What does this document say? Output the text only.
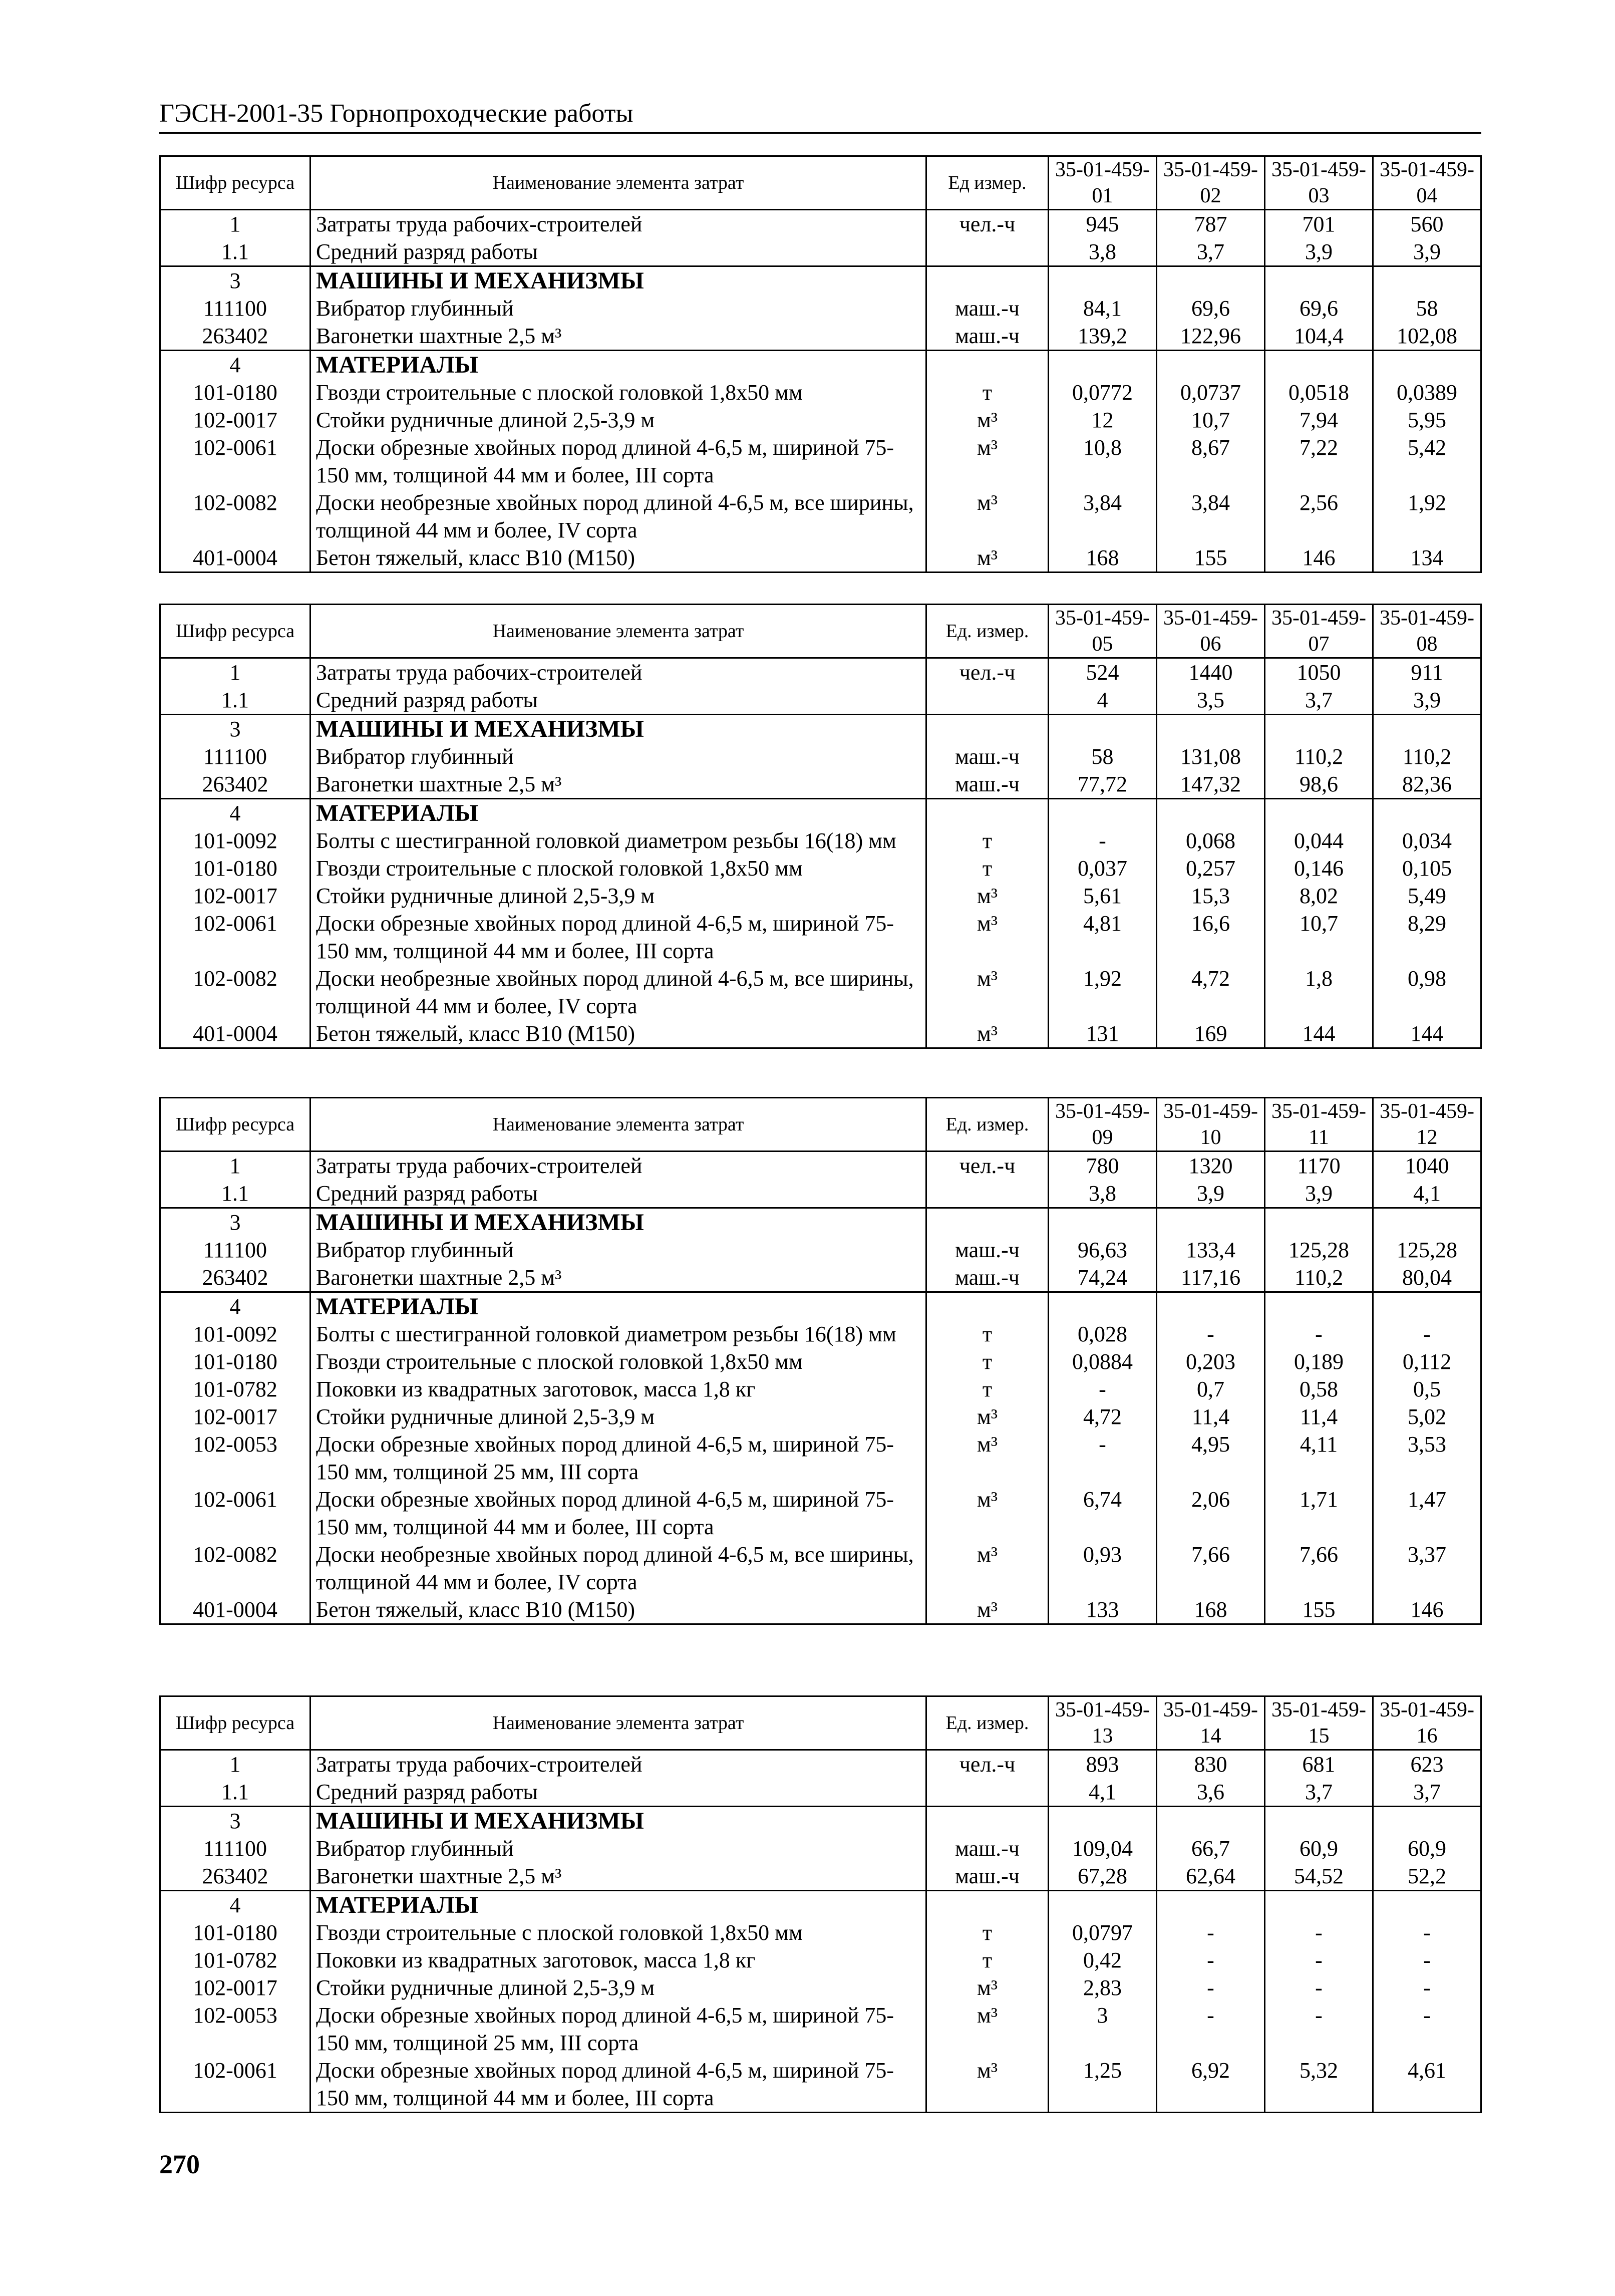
ГЭСН-2001-35 Горнопроходческие работы
Шифр ресурса	Наименование элемента затрат	Ед измер.	35-01-459-01	35-01-459-02	35-01-459-03	35-01-459-04
1	Затраты труда рабочих-строителей	чел.-ч	945	787	701	560
1.1	Средний разряд работы		3,8	3,7	3,9	3,9
3	МАШИНЫ И МЕХАНИЗМЫ					
111100	Вибратор глубинный	маш.-ч	84,1	69,6	69,6	58
263402	Вагонетки шахтные 2,5 м³	маш.-ч	139,2	122,96	104,4	102,08
4	МАТЕРИАЛЫ					
101-0180	Гвозди строительные с плоской головкой 1,8х50 мм	т	0,0772	0,0737	0,0518	0,0389
102-0017	Стойки рудничные длиной 2,5-3,9 м	м³	12	10,7	7,94	5,95
102-0061	Доски обрезные хвойных пород длиной 4-6,5 м, шириной 75-150 мм, толщиной 44 мм и более, III сорта	м³	10,8	8,67	7,22	5,42
102-0082	Доски необрезные хвойных пород длиной 4-6,5 м, все ширины, толщиной 44 мм и более, IV сорта	м³	3,84	3,84	2,56	1,92
401-0004	Бетон тяжелый, класс В10 (М150)	м³	168	155	146	134
Шифр ресурса	Наименование элемента затрат	Ед. измер.	35-01-459-05	35-01-459-06	35-01-459-07	35-01-459-08
1	Затраты труда рабочих-строителей	чел.-ч	524	1440	1050	911
1.1	Средний разряд работы		4	3,5	3,7	3,9
3	МАШИНЫ И МЕХАНИЗМЫ					
111100	Вибратор глубинный	маш.-ч	58	131,08	110,2	110,2
263402	Вагонетки шахтные 2,5 м³	маш.-ч	77,72	147,32	98,6	82,36
4	МАТЕРИАЛЫ					
101-0092	Болты с шестигранной головкой диаметром резьбы 16(18) мм	т	-	0,068	0,044	0,034
101-0180	Гвозди строительные с плоской головкой 1,8х50 мм	т	0,037	0,257	0,146	0,105
102-0017	Стойки рудничные длиной 2,5-3,9 м	м³	5,61	15,3	8,02	5,49
102-0061	Доски обрезные хвойных пород длиной 4-6,5 м, шириной 75-150 мм, толщиной 44 мм и более, III сорта	м³	4,81	16,6	10,7	8,29
102-0082	Доски необрезные хвойных пород длиной 4-6,5 м, все ширины, толщиной 44 мм и более, IV сорта	м³	1,92	4,72	1,8	0,98
401-0004	Бетон тяжелый, класс В10 (М150)	м³	131	169	144	144
Шифр ресурса	Наименование элемента затрат	Ед. измер.	35-01-459-09	35-01-459-10	35-01-459-11	35-01-459-12
1	Затраты труда рабочих-строителей	чел.-ч	780	1320	1170	1040
1.1	Средний разряд работы		3,8	3,9	3,9	4,1
3	МАШИНЫ И МЕХАНИЗМЫ					
111100	Вибратор глубинный	маш.-ч	96,63	133,4	125,28	125,28
263402	Вагонетки шахтные 2,5 м³	маш.-ч	74,24	117,16	110,2	80,04
4	МАТЕРИАЛЫ					
101-0092	Болты с шестигранной головкой диаметром резьбы 16(18) мм	т	0,028	-	-	-
101-0180	Гвозди строительные с плоской головкой 1,8х50 мм	т	0,0884	0,203	0,189	0,112
101-0782	Поковки из квадратных заготовок, масса 1,8 кг	т	-	0,7	0,58	0,5
102-0017	Стойки рудничные длиной 2,5-3,9 м	м³	4,72	11,4	11,4	5,02
102-0053	Доски обрезные хвойных пород длиной 4-6,5 м, шириной 75-150 мм, толщиной 25 мм, III сорта	м³	-	4,95	4,11	3,53
102-0061	Доски обрезные хвойных пород длиной 4-6,5 м, шириной 75-150 мм, толщиной 44 мм и более, III сорта	м³	6,74	2,06	1,71	1,47
102-0082	Доски необрезные хвойных пород длиной 4-6,5 м, все ширины, толщиной 44 мм и более, IV сорта	м³	0,93	7,66	7,66	3,37
401-0004	Бетон тяжелый, класс В10 (М150)	м³	133	168	155	146
Шифр ресурса	Наименование элемента затрат	Ед. измер.	35-01-459-13	35-01-459-14	35-01-459-15	35-01-459-16
1	Затраты труда рабочих-строителей	чел.-ч	893	830	681	623
1.1	Средний разряд работы		4,1	3,6	3,7	3,7
3	МАШИНЫ И МЕХАНИЗМЫ					
111100	Вибратор глубинный	маш.-ч	109,04	66,7	60,9	60,9
263402	Вагонетки шахтные 2,5 м³	маш.-ч	67,28	62,64	54,52	52,2
4	МАТЕРИАЛЫ					
101-0180	Гвозди строительные с плоской головкой 1,8х50 мм	т	0,0797	-	-	-
101-0782	Поковки из квадратных заготовок, масса 1,8 кг	т	0,42	-	-	-
102-0017	Стойки рудничные длиной 2,5-3,9 м	м³	2,83	-	-	-
102-0053	Доски обрезные хвойных пород длиной 4-6,5 м, шириной 75-150 мм, толщиной 25 мм, III сорта	м³	3	-	-	-
102-0061	Доски обрезные хвойных пород длиной 4-6,5 м, шириной 75-150 мм, толщиной 44 мм и более, III сорта	м³	1,25	6,92	5,32	4,61
270
